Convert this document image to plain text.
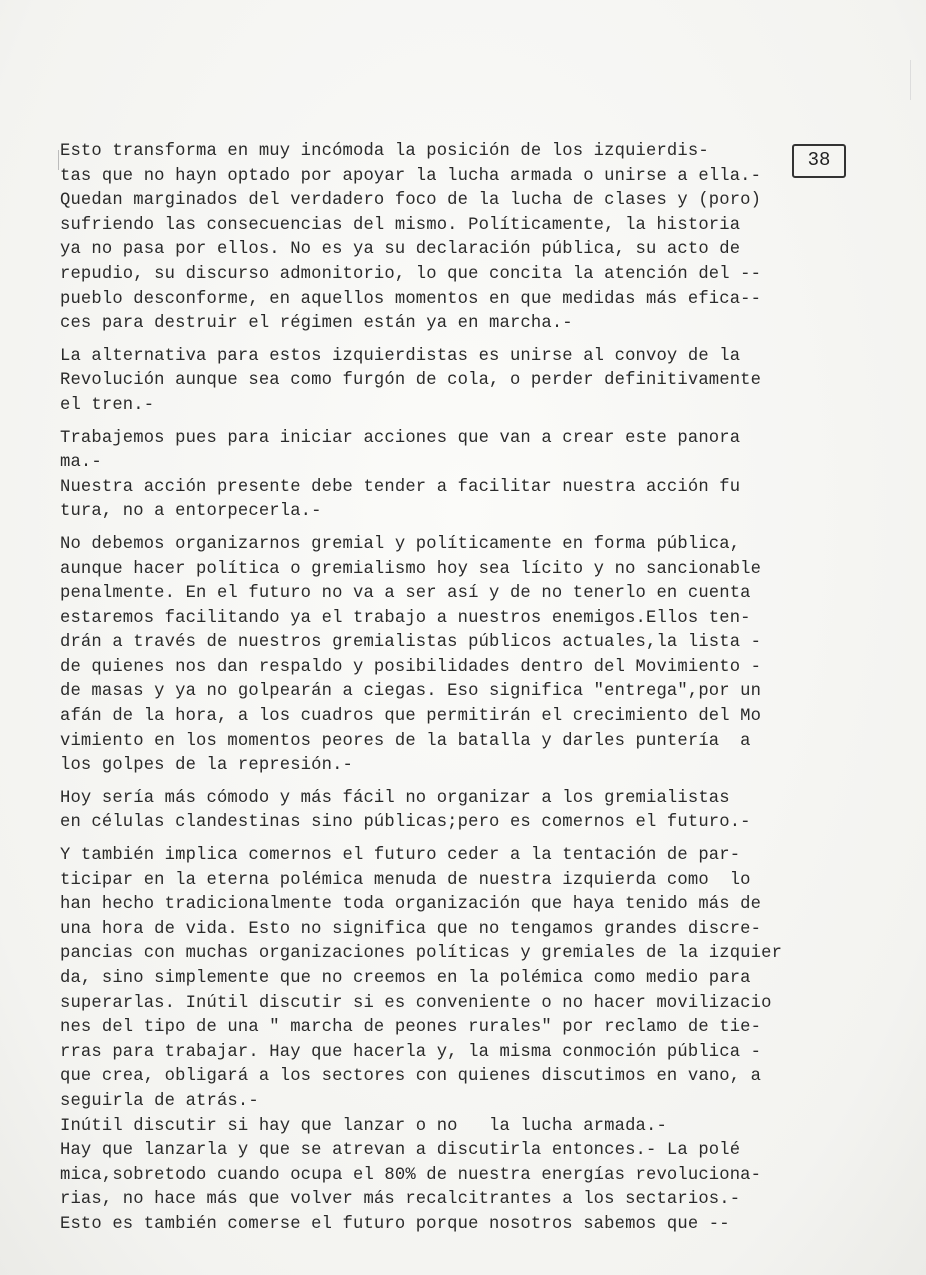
38
Esto transforma en muy incómoda la posición de los izquierdis-
tas que no hayn optado por apoyar la lucha armada o unirse a ella.-
Quedan marginados del verdadero foco de la lucha de clases y (poro)
sufriendo las consecuencias del mismo. Políticamente, la historia
ya no pasa por ellos. No es ya su declaración pública, su acto de
repudio, su discurso admonitorio, lo que concita la atención del --
pueblo desconforme, en aquellos momentos en que medidas más efica--
ces para destruir el régimen están ya en marcha.-
La alternativa para estos izquierdistas es unirse al convoy de la
Revolución aunque sea como furgón de cola, o perder definitivamente
el tren.-
Trabajemos pues para iniciar acciones que van a crear este panora
ma.-
Nuestra acción presente debe tender a facilitar nuestra acción fu
tura, no a entorpecerla.-
No debemos organizarnos gremial y políticamente en forma pública,
aunque hacer política o gremialismo hoy sea lícito y no sancionable
penalmente. En el futuro no va a ser así y de no tenerlo en cuenta
estaremos facilitando ya el trabajo a nuestros enemigos.Ellos ten-
drán a través de nuestros gremialistas públicos actuales,la lista -
de quienes nos dan respaldo y posibilidades dentro del Movimiento -
de masas y ya no golpearán a ciegas. Eso significa "entrega",por un
afán de la hora, a los cuadros que permitirán el crecimiento del Mo
vimiento en los momentos peores de la batalla y darles puntería  a
los golpes de la represión.-
Hoy sería más cómodo y más fácil no organizar a los gremialistas
en células clandestinas sino públicas;pero es comernos el futuro.-
Y también implica comernos el futuro ceder a la tentación de par-
ticipar en la eterna polémica menuda de nuestra izquierda como  lo
han hecho tradicionalmente toda organización que haya tenido más de
una hora de vida. Esto no significa que no tengamos grandes discre-
pancias con muchas organizaciones políticas y gremiales de la izquier
da, sino simplemente que no creemos en la polémica como medio para
superarlas. Inútil discutir si es conveniente o no hacer movilizacio
nes del tipo de una " marcha de peones rurales" por reclamo de tie-
rras para trabajar. Hay que hacerla y, la misma conmoción pública -
que crea, obligará a los sectores con quienes discutimos en vano, a
seguirla de atrás.-
Inútil discutir si hay que lanzar o no   la lucha armada.-
Hay que lanzarla y que se atrevan a discutirla entonces.- La polé
mica,sobretodo cuando ocupa el 80% de nuestra energías revoluciona-
rias, no hace más que volver más recalcitrantes a los sectarios.-
Esto es también comerse el futuro porque nosotros sabemos que --
